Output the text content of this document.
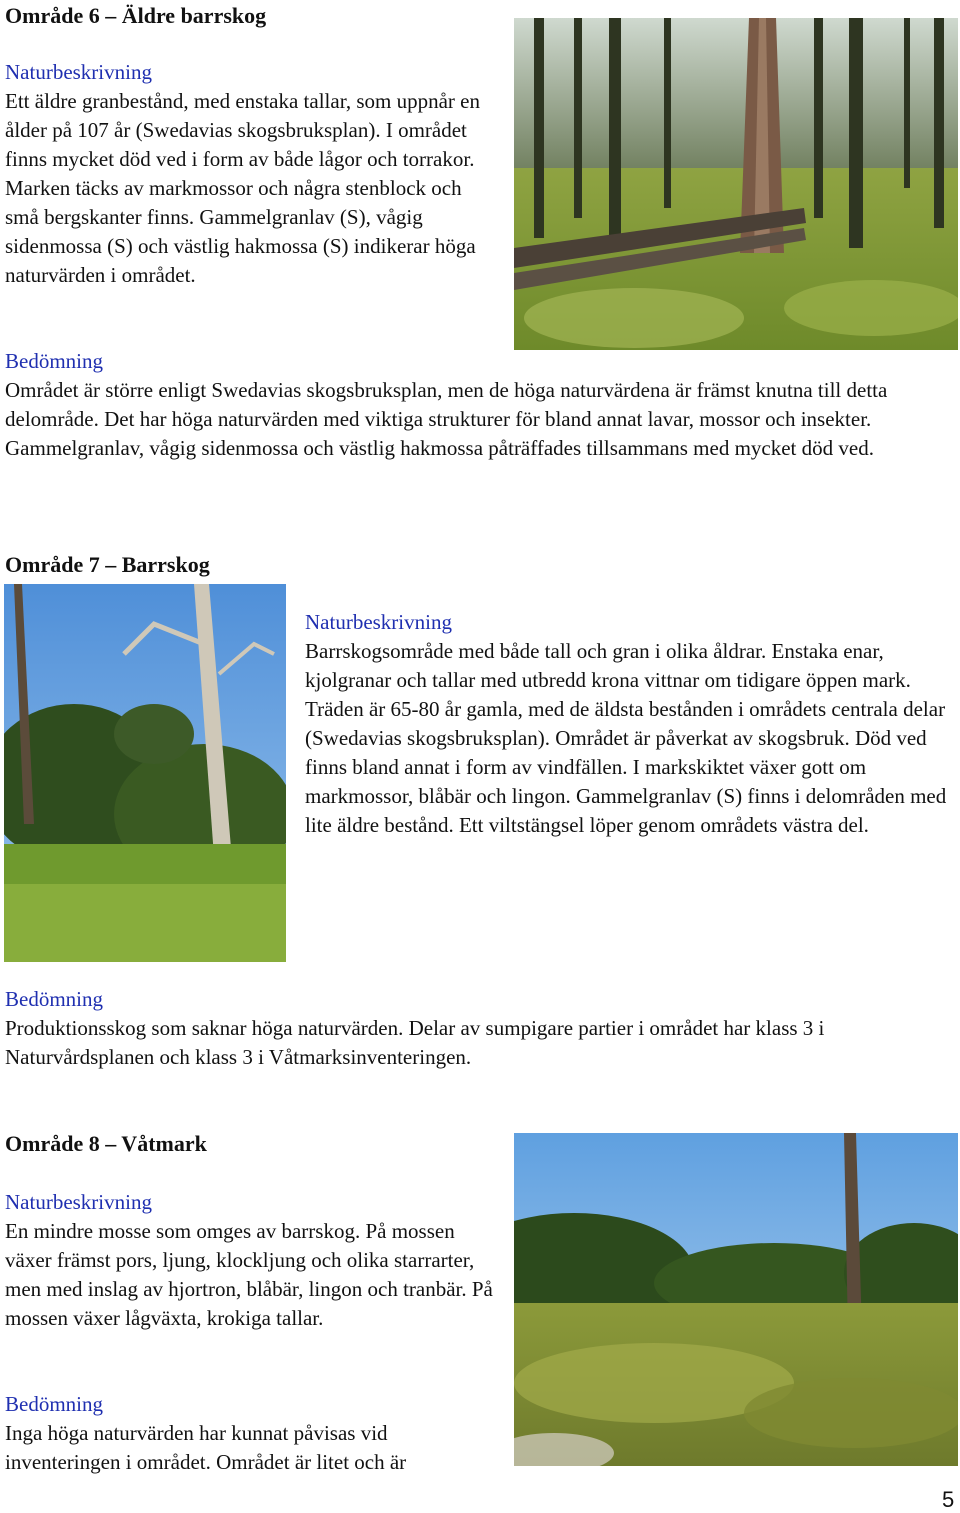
Område 6 – Äldre barrskog
Naturbeskrivning
Ett äldre granbestånd, med enstaka tallar, som uppnår en ålder på 107 år (Swedavias skogsbruksplan). I området finns mycket död ved i form av både lågor och torrakor. Marken täcks av markmossor och några stenblock och små bergskanter finns. Gammelgranlav (S), vågig sidenmossa (S) och västlig hakmossa (S) indikerar höga naturvärden i området.
Bedömning
Området är större enligt Swedavias skogsbruksplan, men de höga naturvärdena är främst knutna till detta delområde. Det har höga naturvärden med viktiga strukturer för bland annat lavar, mossor och insekter. Gammelgranlav, vågig sidenmossa och västlig hakmossa påträffades tillsammans med mycket död ved.
Område 7 – Barrskog
Naturbeskrivning
Barrskogsområde med både tall och gran i olika åldrar. Enstaka enar, kjolgranar och tallar med utbredd krona vittnar om tidigare öppen mark. Träden är 65-80 år gamla, med de äldsta bestånden i områdets centrala delar (Swedavias skogsbruksplan). Området är påverkat av skogsbruk. Död ved finns bland annat i form av vindfällen. I markskiktet växer gott om markmossor, blåbär och lingon. Gammelgranlav (S) finns i delområden med lite äldre bestånd. Ett viltstängsel löper genom områdets västra del.
Bedömning
Produktionsskog som saknar höga naturvärden. Delar av sumpigare partier i området har klass 3 i Naturvårdsplanen och klass 3 i Våtmarksinventeringen.
Område 8 – Våtmark
Naturbeskrivning
En mindre mosse som omges av barrskog. På mossen växer främst pors, ljung, klockljung och olika starrarter, men med inslag av hjortron, blåbär, lingon och tranbär. På mossen växer lågväxta, krokiga tallar.
Bedömning
Inga höga naturvärden har kunnat påvisas vid inventeringen i området. Området är litet och är
5
